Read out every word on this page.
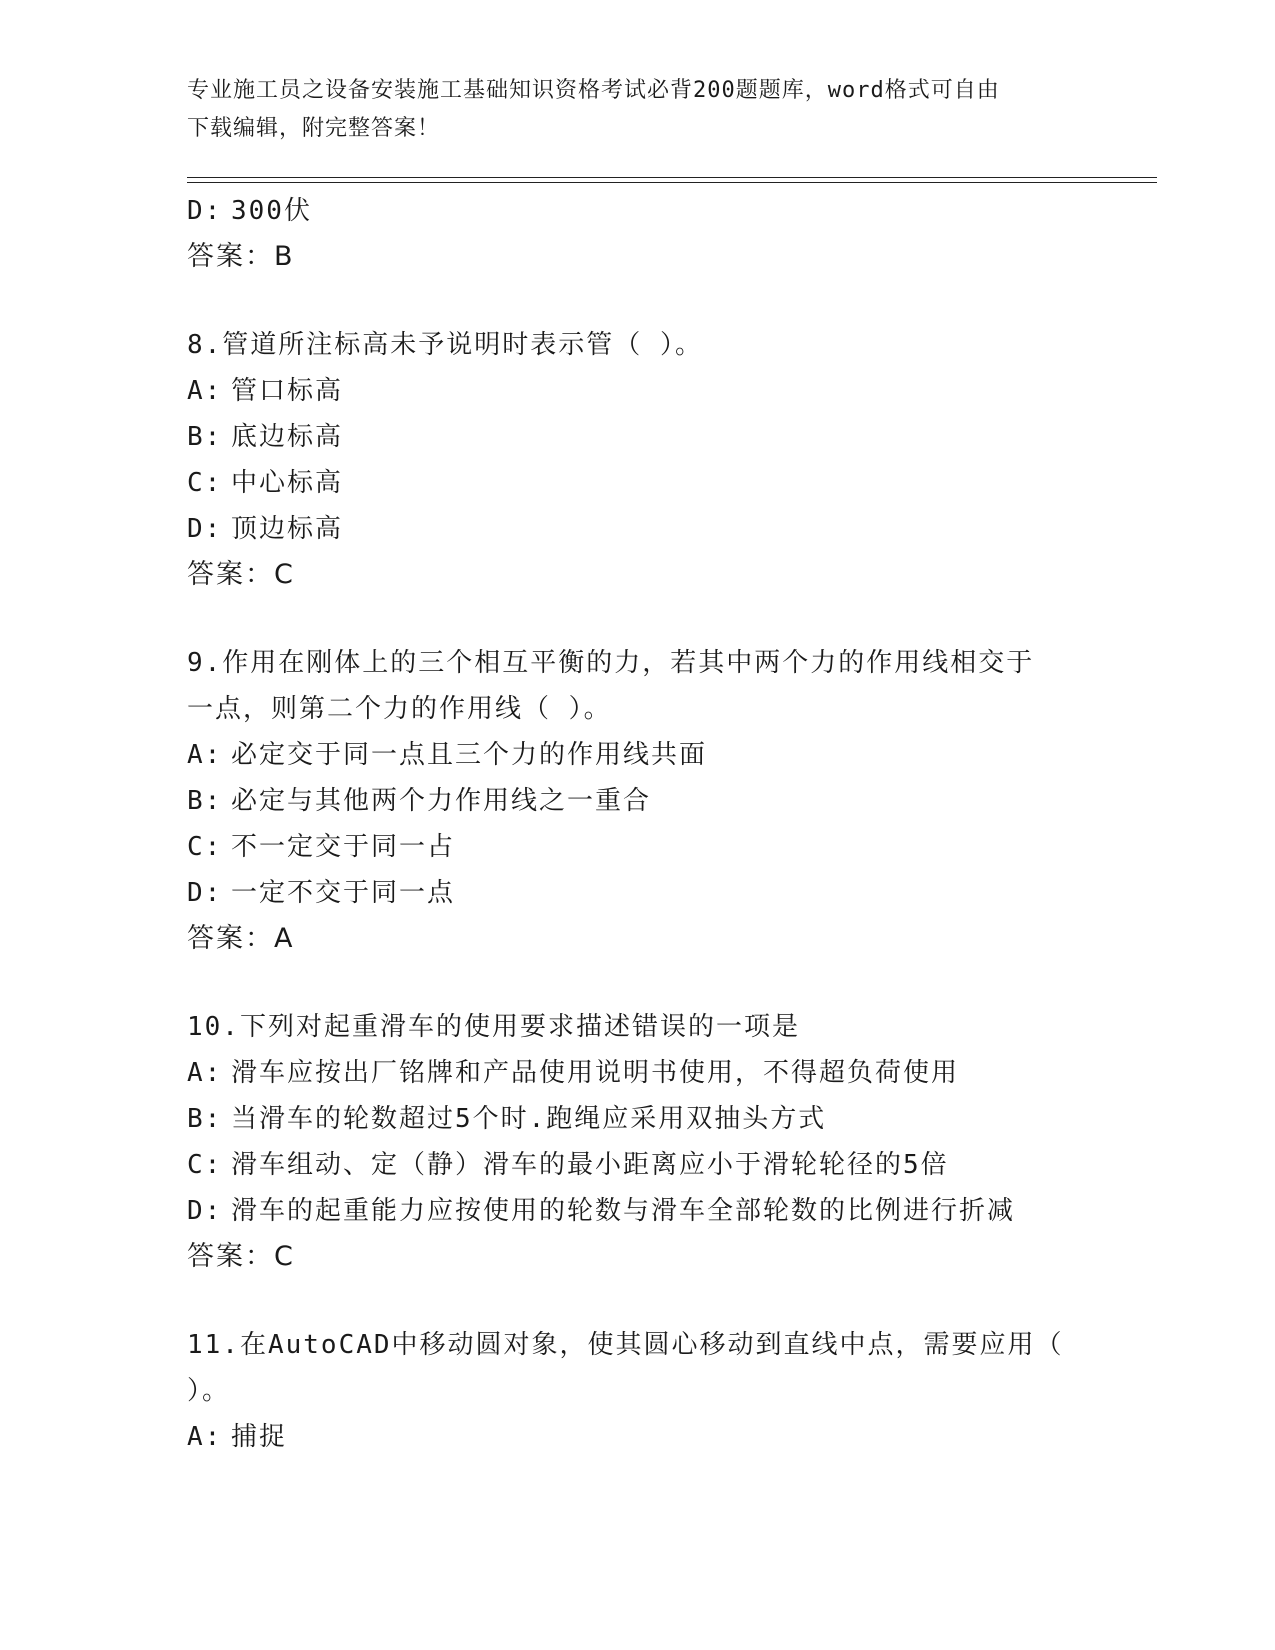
专业施工员之设备安装施工基础知识资格考试必背200题题库，word格式可自由
下载编辑，附完整答案！
D: 300伏
答案：B
8.管道所注标高未予说明时表示管（ ）。
A: 管口标高
B: 底边标高
C: 中心标高
D: 顶边标高
答案：C
9.作用在刚体上的三个相互平衡的力，若其中两个力的作用线相交于
一点，则第二个力的作用线（ ）。
A: 必定交于同一点且三个力的作用线共面
B: 必定与其他两个力作用线之一重合
C: 不一定交于同一占
D: 一定不交于同一点
答案：A
10.下列对起重滑车的使用要求描述错误的一项是
A: 滑车应按出厂铭牌和产品使用说明书使用，不得超负荷使用
B: 当滑车的轮数超过5个时.跑绳应采用双抽头方式
C: 滑车组动、定（静）滑车的最小距离应小于滑轮轮径的5倍
D: 滑车的起重能力应按使用的轮数与滑车全部轮数的比例进行折减
答案：C
11.在AutoCAD中移动圆对象，使其圆心移动到直线中点，需要应用（
）。
A: 捕捉
